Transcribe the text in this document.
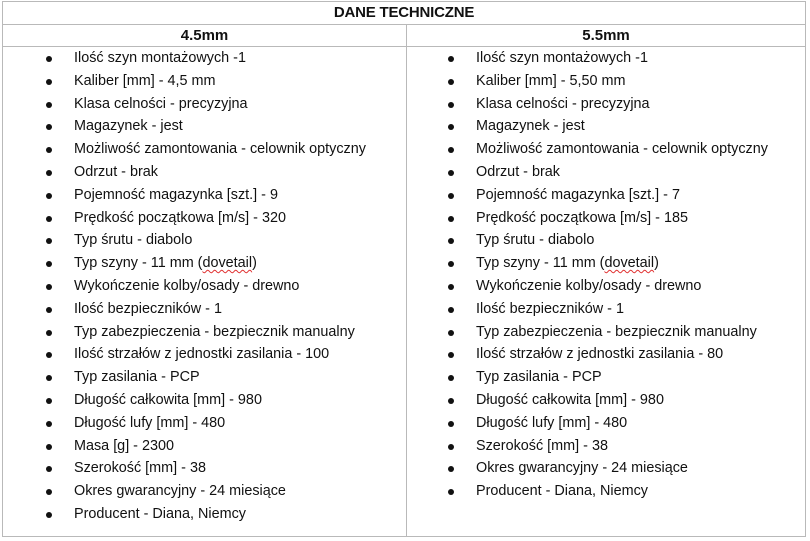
DANE TECHNICZNE
4.5mm	5.5mm
Ilość szyn montażowych -1
Kaliber [mm] - 4,5 mm
Klasa celności - precyzyjna
Magazynek - jest
Możliwość zamontowania - celownik optyczny
Odrzut - brak
Pojemność magazynka [szt.] - 9
Prędkość początkowa [m/s] - 320
Typ śrutu - diabolo
Typ szyny - 11 mm (dovetail)
Wykończenie kolby/osady - drewno
Ilość bezpieczników - 1
Typ zabezpieczenia - bezpiecznik manualny
Ilość strzałów z jednostki zasilania - 100
Typ zasilania - PCP
Długość całkowita [mm] - 980
Długość lufy [mm] - 480
Masa [g] - 2300
Szerokość [mm] - 38
Okres gwarancyjny - 24 miesiące
Producent - Diana, Niemcy
Ilość szyn montażowych -1
Kaliber [mm] - 5,50 mm
Klasa celności - precyzyjna
Magazynek - jest
Możliwość zamontowania - celownik optyczny
Odrzut - brak
Pojemność magazynka [szt.] - 7
Prędkość początkowa [m/s] - 185
Typ śrutu - diabolo
Typ szyny - 11 mm (dovetail)
Wykończenie kolby/osady - drewno
Ilość bezpieczników - 1
Typ zabezpieczenia - bezpiecznik manualny
Ilość strzałów z jednostki zasilania - 80
Typ zasilania - PCP
Długość całkowita [mm] - 980
Długość lufy [mm] - 480
Szerokość [mm] - 38
Okres gwarancyjny - 24 miesiące
Producent - Diana, Niemcy
